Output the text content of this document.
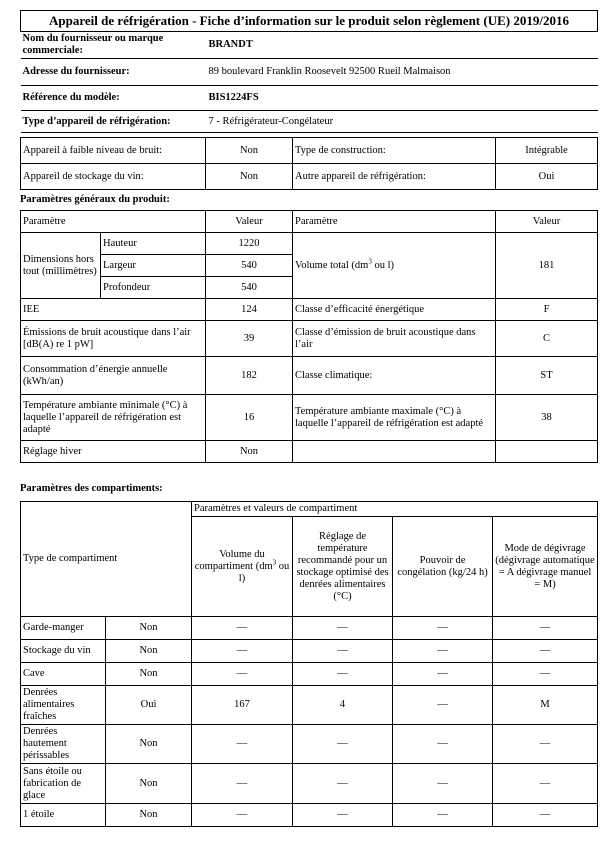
Appareil de réfrigération - Fiche d’information sur le produit selon règlement (UE) 2019/2016	
Nom du fournisseur ou marque commerciale:	BRANDT
Adresse du fournisseur:	89 boulevard Franklin Roosevelt 92500 Rueil Malmaison
Référence du modèle:	BIS1224FS
Type d’appareil de réfrigération:	7 - Réfrigérateur-Congélateur
Appareil à faible niveau de bruit:	Non	Type de construction:	Intégrable
Appareil de stockage du vin:	Non	Autre appareil de réfrigération:	Oui
Paramètres généraux du produit:
Paramètre		Valeur	Paramètre	Valeur
Dimensions hors tout (millimètres)	Hauteur	1220	Volume total ($dm^3$ ou l)	181
	Largeur	540		
	Profondeur	540		
IEE		124	Classe d’efficacité énergétique	F
Émissions de bruit acoustique dans l’air [dB(A) re 1 pW]		39	Classe d’émission de bruit acoustique dans l’air	C
Consommation d’énergie annuelle (kWh/an)		182	Classe climatique:	ST
Température ambiante minimale (°C) à laquelle l’appareil de réfrigération est adapté		16	Température ambiante maximale (°C) à laquelle l’appareil de réfrigération est adapté	38
Réglage hiver		Non		
Paramètres des compartiments:
Type de compartiment		Paramètres et valeurs de compartiment			
		Volume du compartiment ($dm^3$ ou l)	Réglage de température recommandé pour un stockage optimisé des denrées alimentaires (°C)	Pouvoir de congélation (kg/24 h)	Mode de dégivrage (dégivrage automatique = A dégivrage manuel = M)
Garde-manger	Non	—	—	—	—
Stockage du vin	Non	—	—	—	—
Cave	Non	—	—	—	—
Denrées alimentaires fraîches	Oui	167	4	—	M
Denrées hautement périssables	Non	—	—	—	—
Sans étoile ou fabrication de glace	Non	—	—	—	—
1 étoile	Non	—	—	—	—
